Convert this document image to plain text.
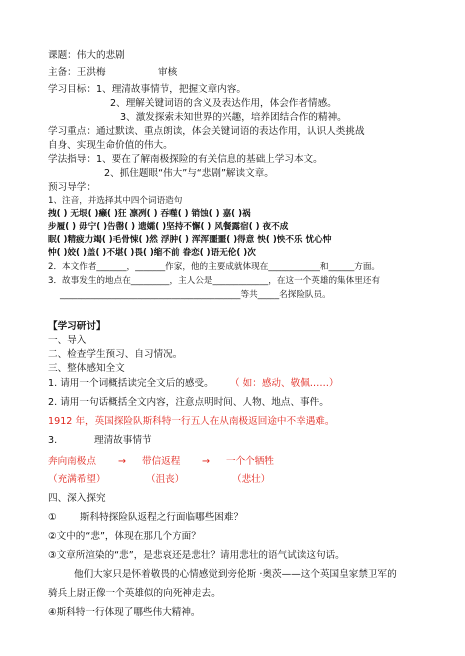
课题：伟大的悲剧
主备：王洪梅	审核
学习目标： 1、理清故事情节，把握文章内容。
2、理解关键词语的含义及表达作用，体会作者情感。
3、激发探索未知世界的兴趣，培养团结合作的精神。
学习重点：通过默读、重点朗读，体会关键词语的表达作用，认识人类挑战
自身、实现生命价值的伟大。
学法指导：1、要在了解南极探险的有关信息的基础上学习本文。
2、抓住题眼“伟大”与“悲剧”解读文章。
预习导学：
1、注音，并选择其中四个词语造句
拽( ) 无垠( )癞( )狂 凛冽( ) 吞噬( ) 销蚀( ) 嘉( )祸
步履( ) 毋宁( )告罄( ) 遗孀( )坚持不懈( ) 风餐露宿( ) 夜不成
眠( )精疲力竭( )毛骨悚( )然 浮肿( ) 浑浑噩噩( )得意 怏( )怏不乐 忧心忡
忡( )姣( )盖( )不堪( )畏( )缩不前 眷恋( )语无伦( )次
2．本文作者_______，_______作家，他的主要成就体现在____________和______方面。
3．故事发生的地点在_________，主人公是_____________，在这一个英雄的集体里还有
__________________________________________等共_____名探险队员。
【学习研讨】
一、导入
二、检查学生预习、自习情况。
三、整体感知全文
1. 请用一个词概括读完全文后的感受。 （ 如：感动、敬佩……）
2. 请用一句话概括全文内容，注意点明时间、人物、地点、事件。
1912 年，英国探险队斯科特一行五人在从南极返回途中不幸遇难。
3.	理清故事情节
奔向南极点 → 带信返程 → 一个个牺牲
（充满希望）	（沮丧）	（悲壮）
四、深入探究
① 斯科特探险队返程之行面临哪些困难？
②文中的“悲”，体现在那几个方面？
③文章所渲染的“悲”，是悲哀还是悲壮？请用悲壮的语气试读这句话。
他们大家只是怀着敬畏的心情感觉到旁伦斯 ·奥茨——这个英国皇家禁卫军的
骑兵上尉正像一个英雄似的向死神走去。
④斯科特一行体现了哪些伟大精神。
